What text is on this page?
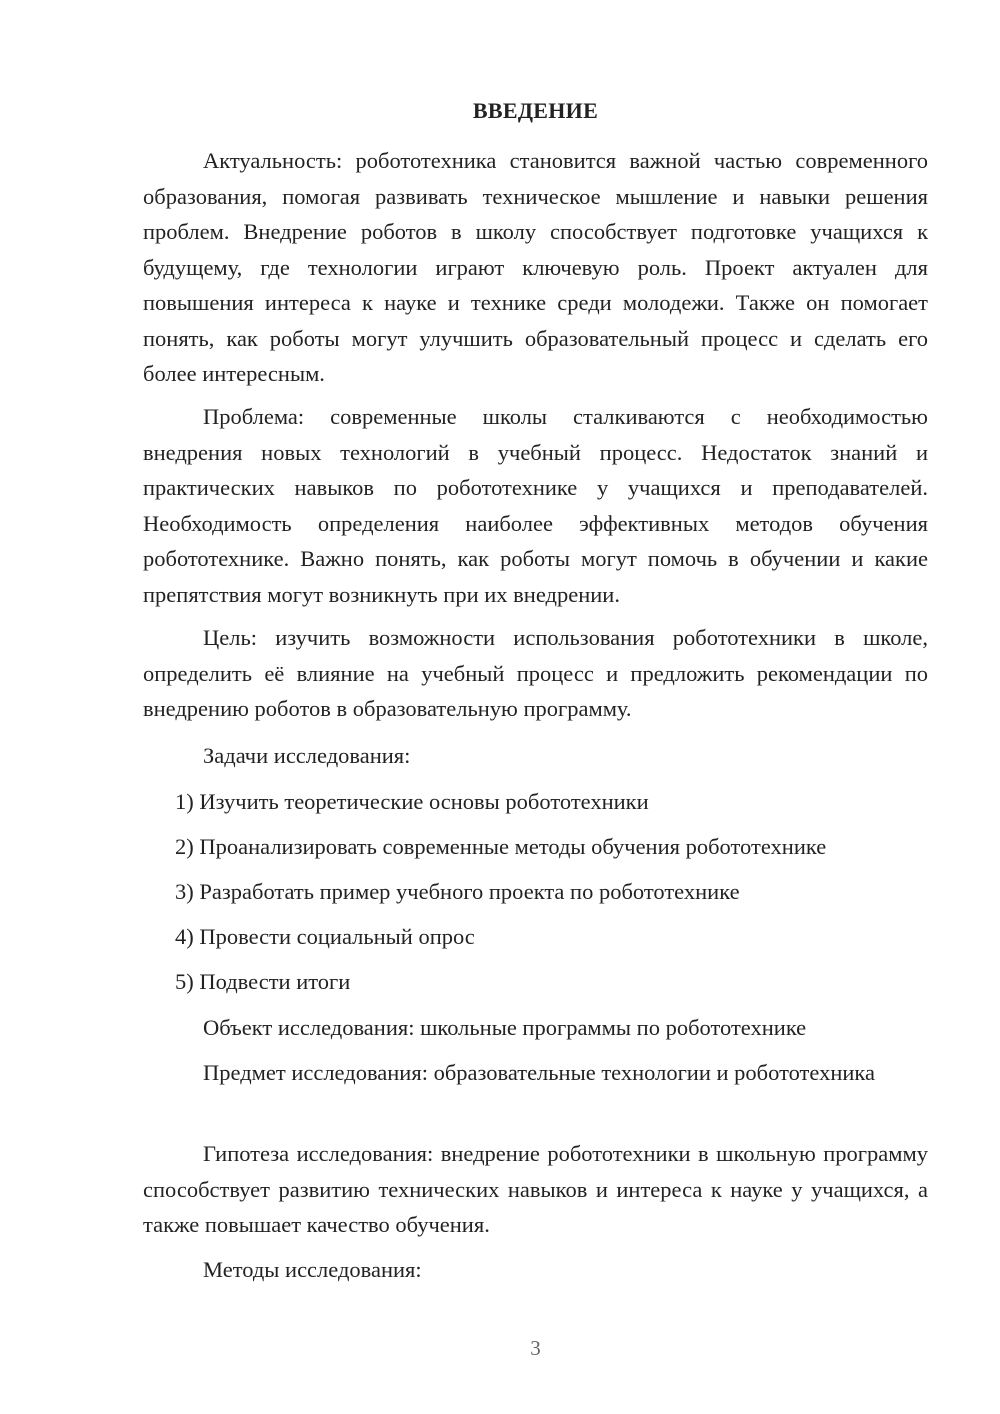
ВВЕДЕНИЕ

Актуальность: робототехника становится важной частью современного образования, помогая развивать техническое мышление и навыки решения проблем. Внедрение роботов в школу способствует подготовке учащихся к будущему, где технологии играют ключевую роль. Проект актуален для повышения интереса к науке и технике среди молодежи. Также он помогает понять, как роботы могут улучшить образовательный процесс и сделать его более интересным.

Проблема: современные школы сталкиваются с необходимостью внедрения новых технологий в учебный процесс. Недостаток знаний и практических навыков по робототехнике у учащихся и преподавателей. Необходимость определения наиболее эффективных методов обучения робототехнике. Важно понять, как роботы могут помочь в обучении и какие препятствия могут возникнуть при их внедрении.

Цель: изучить возможности использования робототехники в школе, определить её влияние на учебный процесс и предложить рекомендации по внедрению роботов в образовательную программу.

Задачи исследования:

1) Изучить теоретические основы робототехники
2) Проанализировать современные методы обучения робототехнике
3) Разработать пример учебного проекта по робототехнике
4) Провести социальный опрос
5) Подвести итоги

Объект исследования: школьные программы по робототехнике

Предмет исследования: образовательные технологии и робототехника

Гипотеза исследования: внедрение робототехники в школьную программу способствует развитию технических навыков и интереса к науке у учащихся, а также повышает качество обучения.

Методы исследования:

3
